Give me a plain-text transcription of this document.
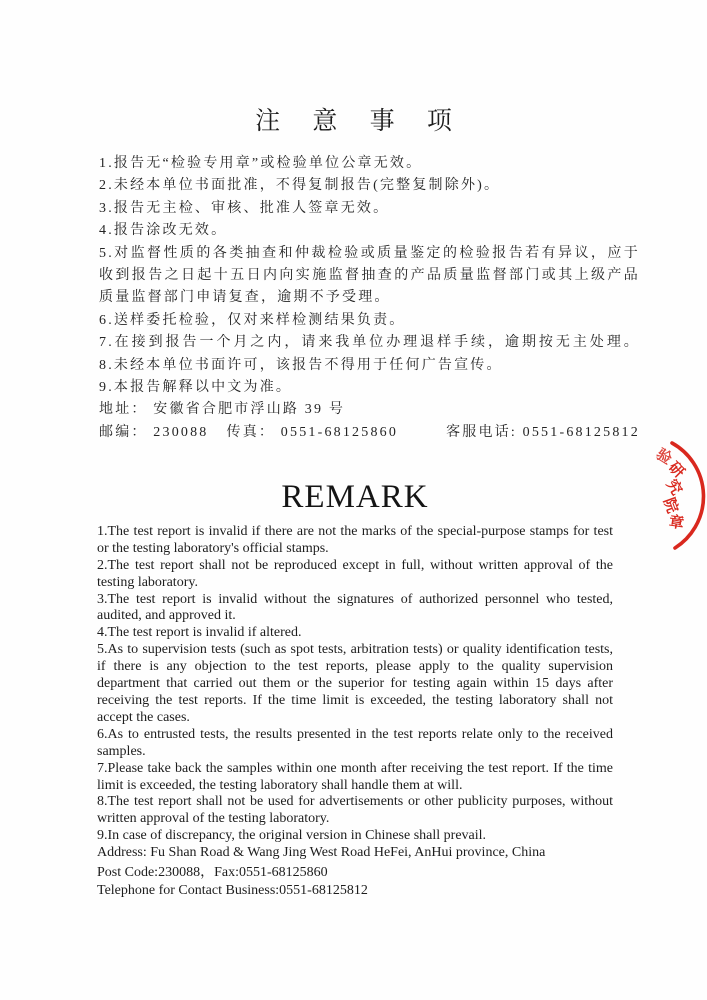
注 意 事 项

1.报告无“检验专用章”或检验单位公章无效。

2.未经本单位书面批准，不得复制报告(完整复制除外)。

3.报告无主检、审核、批准人签章无效。

4.报告涂改无效。

5.对监督性质的各类抽查和仲裁检验或质量鉴定的检验报告若有异议，应于收到报告之日起十五日内向实施监督抽查的产品质量监督部门或其上级产品质量监督部门申请复查，逾期不予受理。

6.送样委托检验，仅对来样检测结果负责。

7.在接到报告一个月之内，请来我单位办理退样手续，逾期按无主处理。

8.未经本单位书面许可，该报告不得用于任何广告宣传。

9.本报告解释以中文为准。

地址： 安徽省合肥市浮山路 39 号

邮编： 230088 传真： 0551-68125860	客服电话: 0551-68125812
REMARK

1.The test report is invalid if there are not the marks of the special-purpose stamps for test or the testing laboratory's official stamps.

2.The test report shall not be reproduced except in full, without written approval of the testing laboratory.

3.The test report is invalid without the signatures of authorized personnel who tested, audited, and approved it.

4.The test report is invalid if altered.

5.As to supervision tests (such as spot tests, arbitration tests) or quality identification tests, if there is any objection to the test reports, please apply to the quality supervision department that carried out them or the superior for testing again within 15 days after receiving the test reports. If the time limit is exceeded, the testing laboratory shall not accept the cases.

6.As to entrusted tests, the results presented in the test reports relate only to the received samples.

7.Please take back the samples within one month after receiving the test report. If the time limit is exceeded, the testing laboratory shall handle them at will.

8.The test report shall not be used for advertisements or other publicity purposes, without written approval of the testing laboratory.

9.In case of discrepancy, the original version in Chinese shall prevail.

Address: Fu Shan Road & Wang Jing West Road HeFei, AnHui province, China

Post Code:230088，Fax:0551-68125860

Telephone for Contact Business:0551-68125812

验
研
究
院
章
